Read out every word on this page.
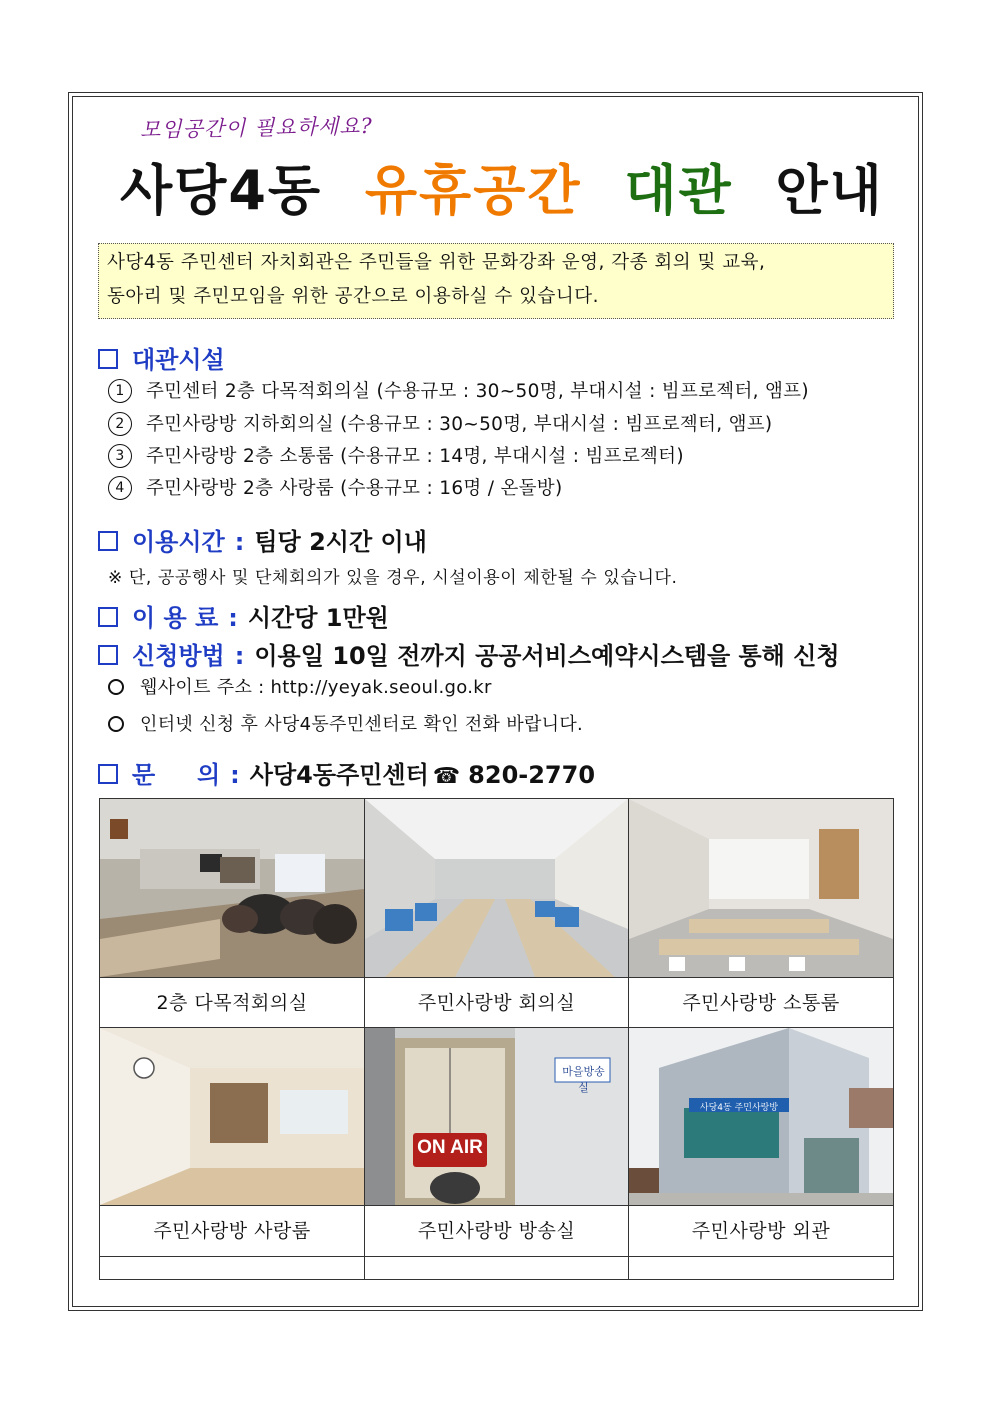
모임공간이 필요하세요?
사당4동 유휴공간 대관 안내
사당4동 주민센터 자치회관은 주민들을 위한 문화강좌 운영, 각종 회의 및 교육,
동아리 및 주민모임을 위한 공간으로 이용하실 수 있습니다.
대관시설
1 주민센터 2층 다목적회의실 (수용규모 : 30~50명, 부대시설 : 빔프로젝터, 앰프)
2 주민사랑방 지하회의실 (수용규모 : 30~50명, 부대시설 : 빔프로젝터, 앰프)
3 주민사랑방 2층 소통룸 (수용규모 : 14명, 부대시설 : 빔프로젝터)
4 주민사랑방 2층 사랑룸 (수용규모 : 16명 / 온돌방)
이용시간 : 팀당 2시간 이내
※ 단, 공공행사 및 단체회의가 있을 경우, 시설이용이 제한될 수 있습니다.
이 용 료 : 시간당 1만원
신청방법 : 이용일 10일 전까지 공공서비스예약시스템을 통해 신청
웹사이트 주소 : http://yeyak.seoul.go.kr
인터넷 신청 후 사당4동주민센터로 확인 전화 바랍니다.
문     의 : 사당4동주민센터 ☎ 820-2770
2층 다목적회의실	주민사랑방 회의실	주민사랑방 소통룸
주민사랑방 사랑룸
마을방송실
ON AIR
주민사랑방 방송실
사당4동 주민사랑방
주민사랑방 외관
